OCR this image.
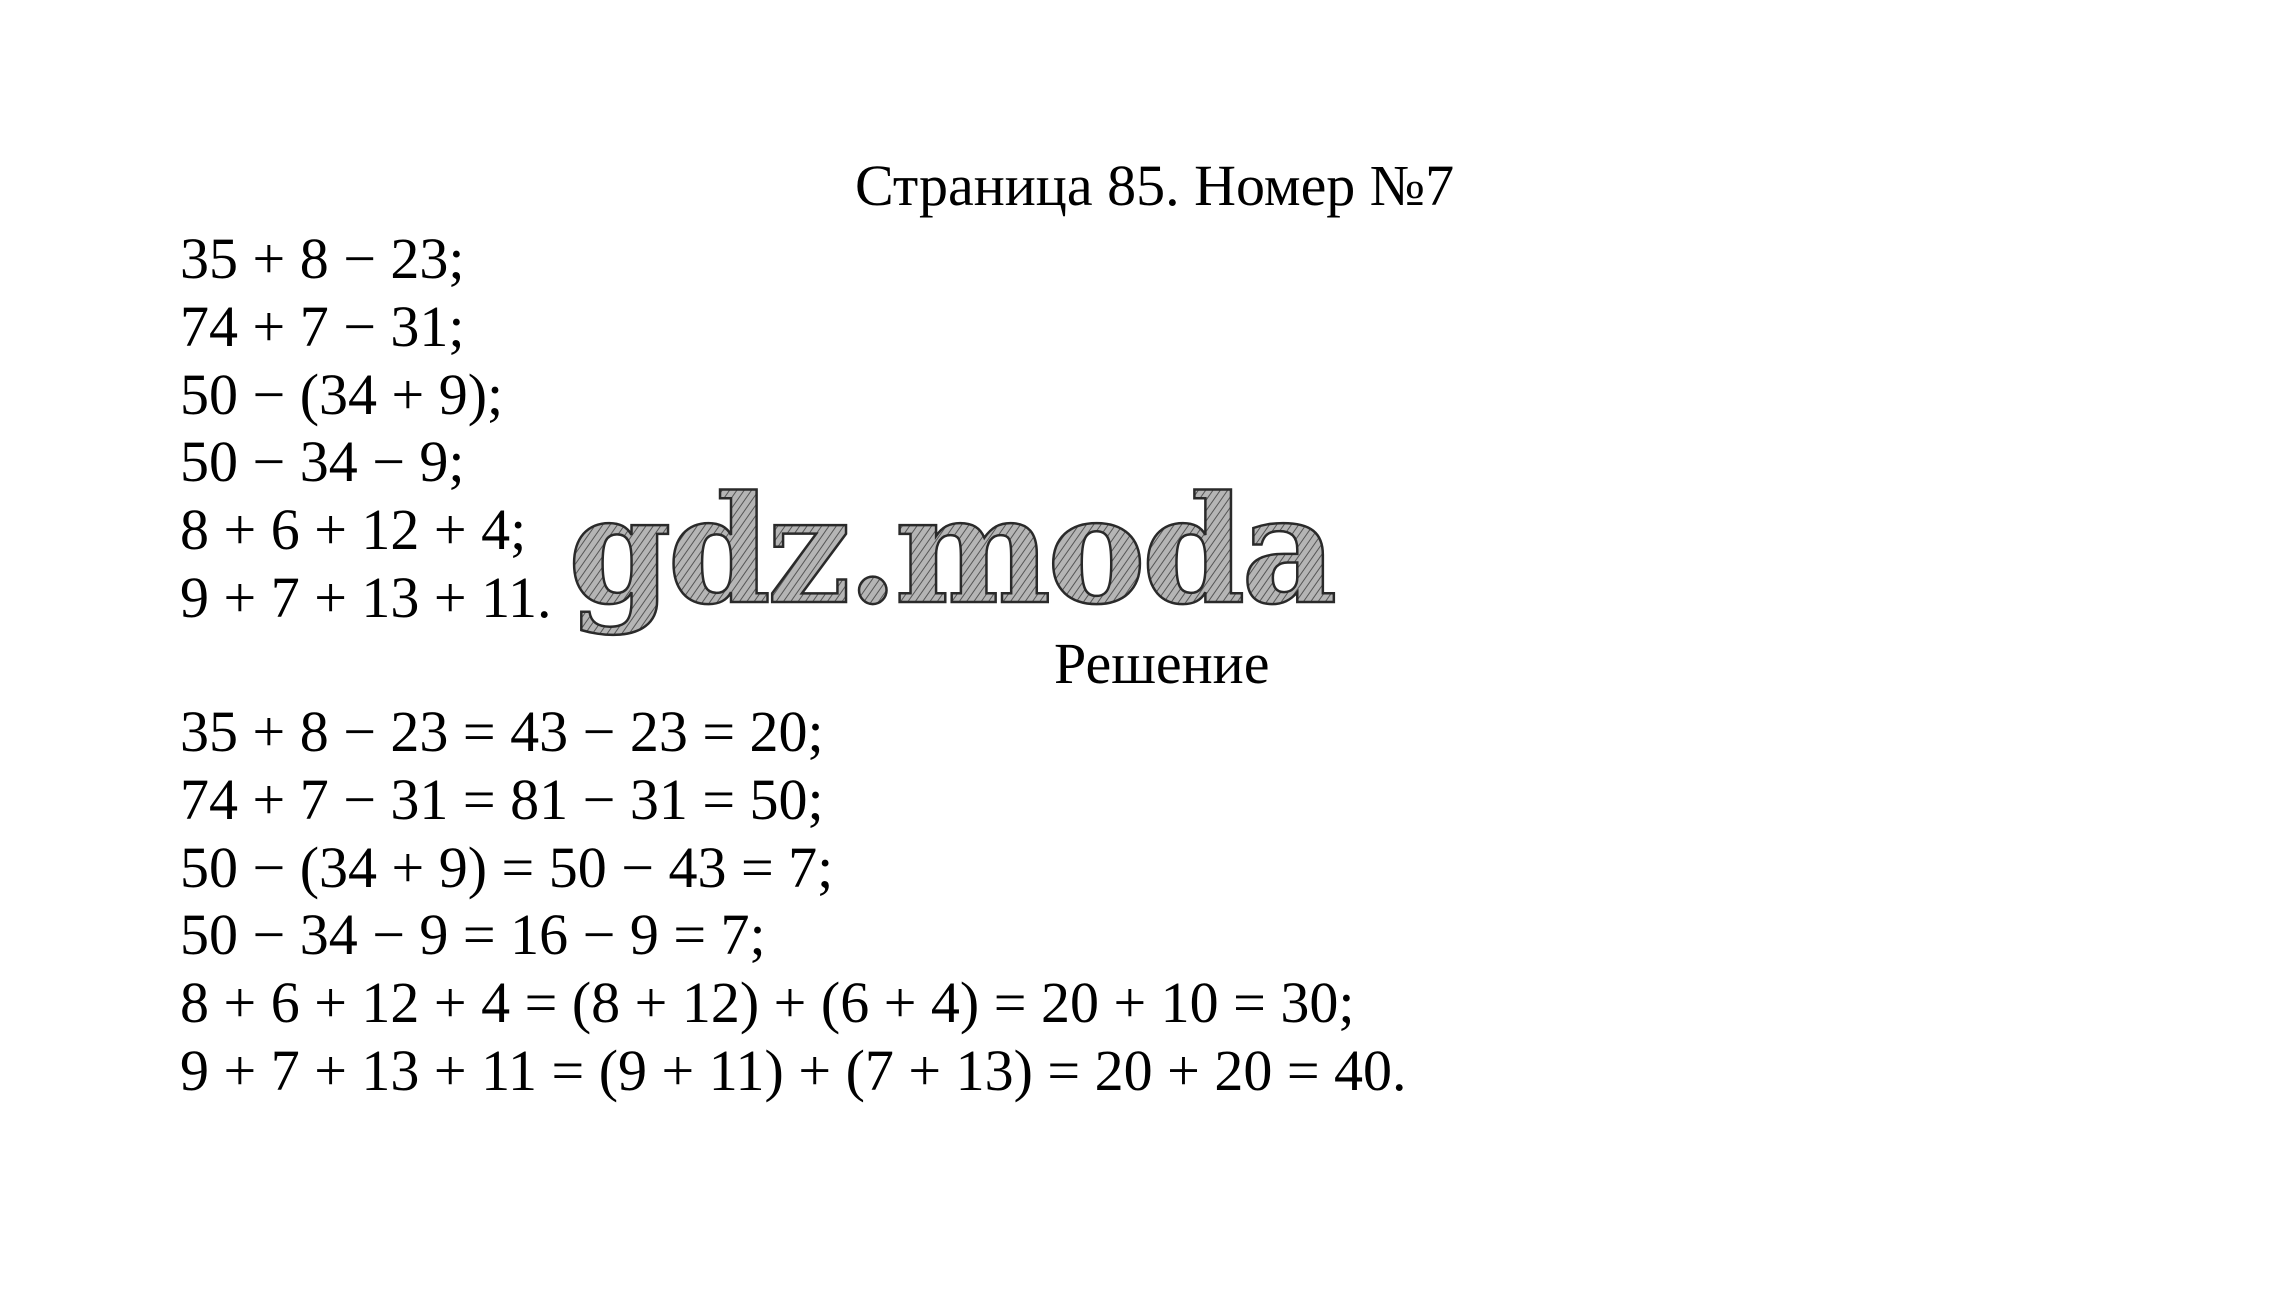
Страница 85. Номер №7
35 + 8 − 23;
74 + 7 − 31;
50 − (34 + 9);
50 − 34 − 9;
8 + 6 + 12 + 4;
9 + 7 + 13 + 11.
Решение
35 + 8 − 23 = 43 − 23 = 20;
74 + 7 − 31 = 81 − 31 = 50;
50 − (34 + 9) = 50 − 43 = 7;
50 − 34 − 9 = 16 − 9 = 7;
8 + 6 + 12 + 4 = (8 + 12) + (6 + 4) = 20 + 10 = 30;
9 + 7 + 13 + 11 = (9 + 11) + (7 + 13) = 20 + 20 = 40.
gdz.moda
